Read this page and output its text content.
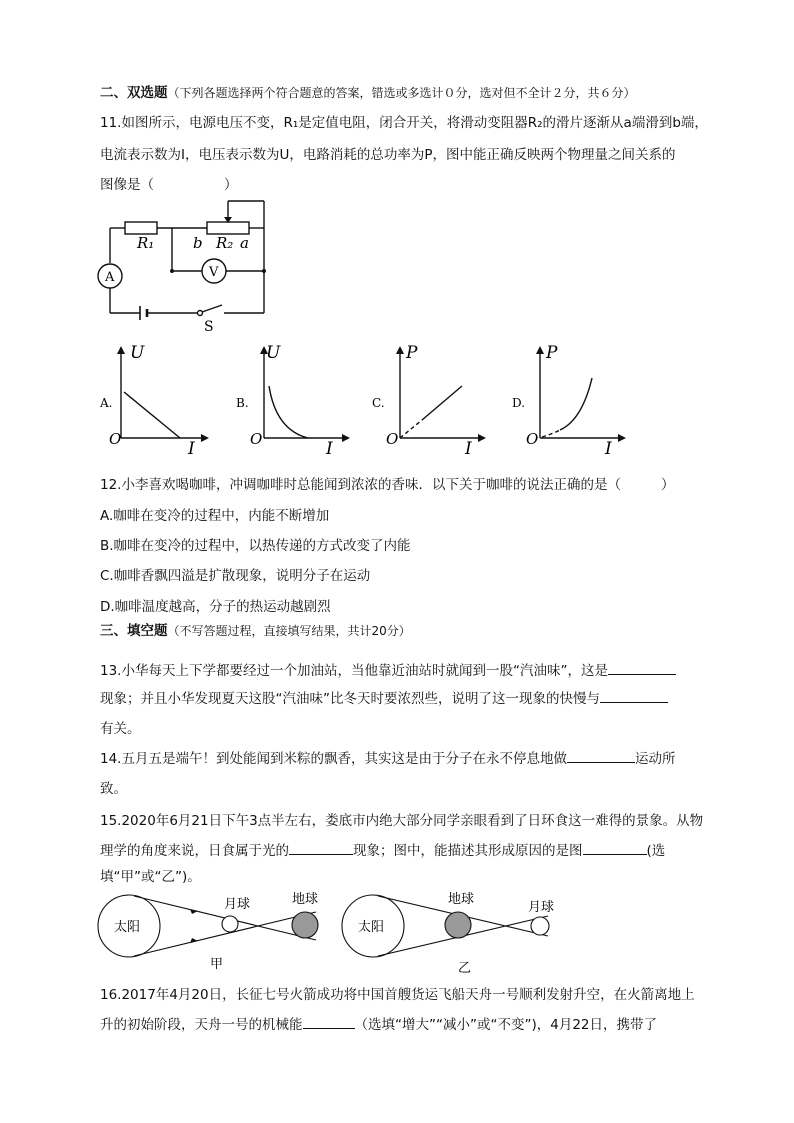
二、双选题（下列各题选择两个符合题意的答案，错选或多选计０分，选对但不全计２分，共６分）
11.如图所示，电源电压不变，R₁是定值电阻，闭合开关，将滑动变阻器R₂的滑片逐渐从a端滑到b端，
电流表示数为I，电压表示数为U，电路消耗的总功率为P，图中能正确反映两个物理量之间关系的
图像是（	）
R₁	b R₂ a
A	V
S
A.
U
I
O
B.
U
I
O
C.
P
I
O
D.
P
I
O
12.小李喜欢喝咖啡，冲调咖啡时总能闻到浓浓的香味．以下关于咖啡的说法正确的是（	）
A.咖啡在变冷的过程中，内能不断增加
B.咖啡在变冷的过程中，以热传递的方式改变了内能
C.咖啡香飘四溢是扩散现象，说明分子在运动
D.咖啡温度越高，分子的热运动越剧烈
三、填空题（不写答题过程，直接填写结果，共计20分）
13.小华每天上下学都要经过一个加油站，当他靠近油站时就闻到一股“汽油味”，这是
现象；并且小华发现夏天这股“汽油味”比冬天时要浓烈些，说明了这一现象的快慢与
有关。
14.五月五是端午！到处能闻到米粽的飘香，其实这是由于分子在永不停息地做	运动所
致。
15.2020年6月21日下午3点半左右，娄底市内绝大部分同学亲眼看到了日环食这一难得的景象。从物
理学的角度来说，日食属于光的	现象；图中，能描述其形成原因的是图	(选
填“甲”或“乙”)。
太阳
月球	地球
甲
太阳
地球
月球
乙
16.2017年4月20日，长征七号火箭成功将中国首艘货运飞船天舟一号顺利发射升空，在火箭离地上
升的初始阶段，天舟一号的机械能	（选填“增大”“减小”或“不变”)，4月22日，携带了
